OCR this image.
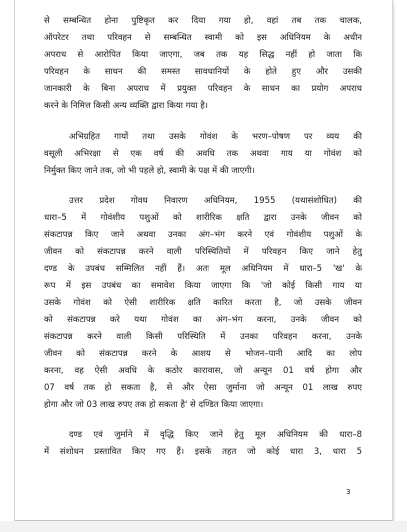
से सम्बन्धित होना पुष्टिकृत कर दिया गया हो, वहां तब तक चालक,
ऑपरेटर तथा परिवहन से सम्बन्धित स्वामी को इस अधिनियम के अधीन
अपराध से आरोपित किया जाएगा, जब तक यह सिद्ध नहीं हो जाता कि
परिवहन के साधन की समस्त सावधानियों के होते हुए और उसकी
जानकारी के बिना अपराध में प्रयुक्त परिवहन के साधन का प्रयोग अपराध
करने के निमित्त किसी अन्य व्यक्ति द्वारा किया गया है।
अभिग्रहित गायों तथा उसके गोवंश के भरण–पोषण पर व्यय की
वसूली अभिरक्षा से एक वर्ष की अवधि तक अथवा गाय या गोवंश को
निर्मुक्त किए जाने तक, जो भी पहले हो, स्वामी के पक्ष में की जाएगी।
उत्तर प्रदेश गोवध निवारण अधिनियम, 1955 (यथासंशोधित) की
धारा–5 में गोवंशीय पशुओं को शारीरिक क्षति द्वारा उनके जीवन को
संकटापन्न किए जाने अथवा उनका अंग–भंग करने एवं गोवंशीय पशुओं के
जीवन को संकटापन्न करने वाली परिस्थितियों में परिवहन किए जाने हेतु
दण्ड के उपबंध सम्मिलित नहीं हैं। अतः मूल अधिनियम में धारा–5 'ख' के
रूप में इस उपबंध का समावेश किया जाएगा कि 'जो कोई किसी गाय या
उसके गोवंश को ऐसी शारीरिक क्षति कारित करता है, जो उसके जीवन
को संकटापन्न करे यथा गोवंश का अंग–भंग करना, उनके जीवन को
संकटापन्न करने वाली किसी परिस्थिति में उनका परिवहन करना, उनके
जीवन को संकटापन्न करने के आशय से भोजन–पानी आदि का लोप
करना, वह ऐसी अवधि के कठोर कारावास, जो अन्यून 01 वर्ष होगा और
07 वर्ष तक हो सकता है, से और ऐसा जुर्माना जो अन्यून 01 लाख रुपए
होगा और जो 03 लाख रुपए तक हो सकता है' से दण्डित किया जाएगा।
दण्ड एवं जुर्माने में वृद्धि किए जाने हेतु मूल अधिनियम की धारा–8
में संशोधन प्रस्तावित किए गए हैं। इसके तहत जो कोई धारा 3, धारा 5
3
